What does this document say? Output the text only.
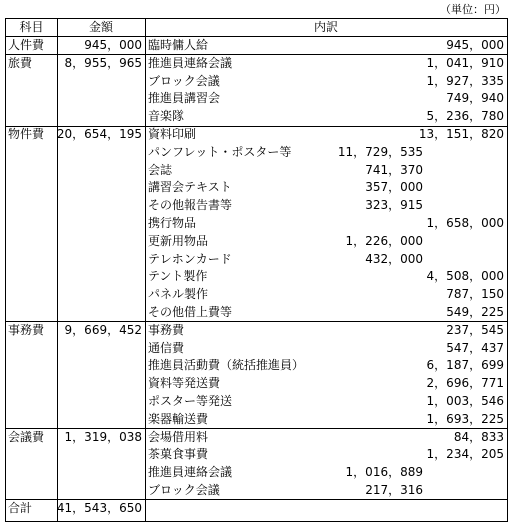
（単位：円）
科目	金額	内訳
人件費	945，000 臨時傭人給	945，000
旅費	8，955，965 推進員連絡会議	1，041，910
ブロック会議	1，927，335
推進員講習会	749，940
音楽隊	5，236，780
物件費 20，654，195 資料印刷	13，151，820
パンフレット・ポスター等	11，729，535
会誌	741，370
講習会テキスト	357，000
その他報告書等	323，915
携行物品	1，658，000
更新用物品	1，226，000
テレホンカード	432，000
テント製作	4，508，000
パネル製作	787，150
その他借上費等	549，225
事務費 9，669，452 事務費	237，545
通信費	547，437
推進員活動費（統括推進員）	6，187，699
資料等発送費	2，696，771
ポスター等発送	1，003，546
楽器輸送費	1，693，225
会議費 1，319，038 会場借用料	84，833
茶菓食事費	1，234，205
推進員連絡会議	1，016，889
ブロック会議	217，316
合計 41，543，650
